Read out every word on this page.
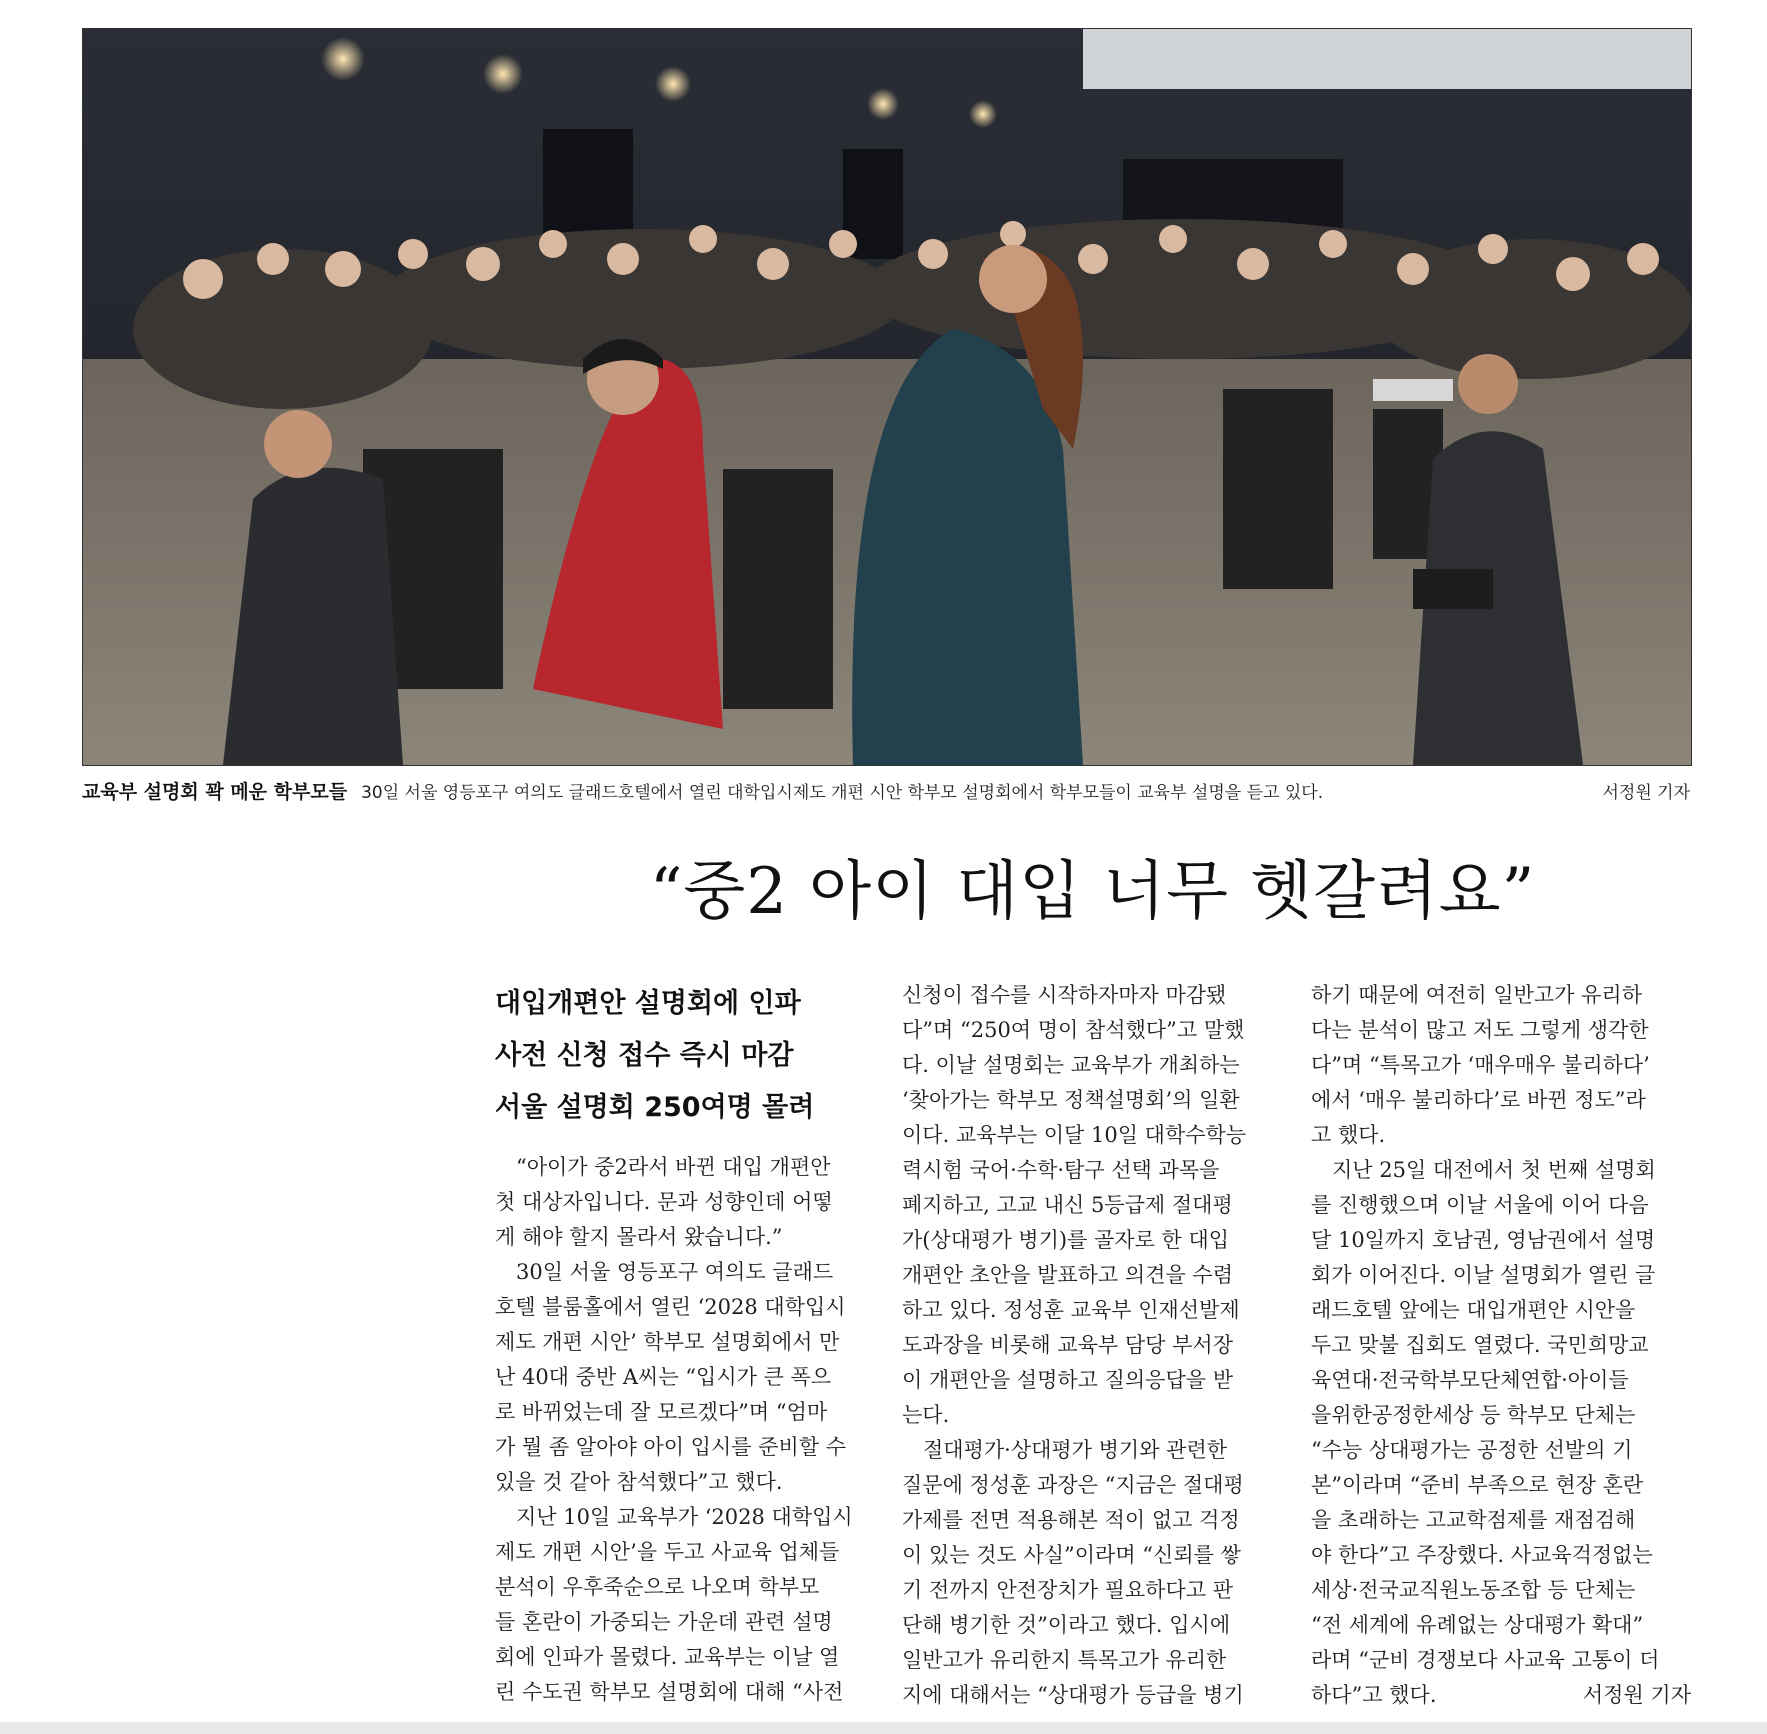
교육부 설명회 꽉 메운 학부모들 30일 서울 영등포구 여의도 글래드호텔에서 열린 대학입시제도 개편 시안 학부모 설명회에서 학부모들이 교육부 설명을 듣고 있다.	서정원 기자
“중2 아이 대입 너무 헷갈려요”
대입개편안 설명회에 인파
사전 신청 접수 즉시 마감
서울 설명회 250여명 몰려
“아이가 중2라서 바뀐 대입 개편안
첫 대상자입니다. 문과 성향인데 어떻
게 해야 할지 몰라서 왔습니다.”
30일 서울 영등포구 여의도 글래드
호텔 블룸홀에서 열린 ‘2028 대학입시
제도 개편 시안’ 학부모 설명회에서 만
난 40대 중반 A씨는 “입시가 큰 폭으
로 바뀌었는데 잘 모르겠다”며 “엄마
가 뭘 좀 알아야 아이 입시를 준비할 수
있을 것 같아 참석했다”고 했다.
지난 10일 교육부가 ‘2028 대학입시
제도 개편 시안’을 두고 사교육 업체들
분석이 우후죽순으로 나오며 학부모
들 혼란이 가중되는 가운데 관련 설명
회에 인파가 몰렸다. 교육부는 이날 열
린 수도권 학부모 설명회에 대해 “사전
신청이 접수를 시작하자마자 마감됐
다”며 “250여 명이 참석했다”고 말했
다. 이날 설명회는 교육부가 개최하는
‘찾아가는 학부모 정책설명회’의 일환
이다. 교육부는 이달 10일 대학수학능
력시험 국어·수학·탐구 선택 과목을
폐지하고, 고교 내신 5등급제 절대평
가(상대평가 병기)를 골자로 한 대입
개편안 초안을 발표하고 의견을 수렴
하고 있다. 정성훈 교육부 인재선발제
도과장을 비롯해 교육부 담당 부서장
이 개편안을 설명하고 질의응답을 받
는다.
절대평가·상대평가 병기와 관련한
질문에 정성훈 과장은 “지금은 절대평
가제를 전면 적용해본 적이 없고 걱정
이 있는 것도 사실”이라며 “신뢰를 쌓
기 전까지 안전장치가 필요하다고 판
단해 병기한 것”이라고 했다. 입시에
일반고가 유리한지 특목고가 유리한
지에 대해서는 “상대평가 등급을 병기
하기 때문에 여전히 일반고가 유리하
다는 분석이 많고 저도 그렇게 생각한
다”며 “특목고가 ‘매우매우 불리하다’
에서 ‘매우 불리하다’로 바뀐 정도”라
고 했다.
지난 25일 대전에서 첫 번째 설명회
를 진행했으며 이날 서울에 이어 다음
달 10일까지 호남권, 영남권에서 설명
회가 이어진다. 이날 설명회가 열린 글
래드호텔 앞에는 대입개편안 시안을
두고 맞불 집회도 열렸다. 국민희망교
육연대·전국학부모단체연합·아이들
을위한공정한세상 등 학부모 단체는
“수능 상대평가는 공정한 선발의 기
본”이라며 “준비 부족으로 현장 혼란
을 초래하는 고교학점제를 재점검해
야 한다”고 주장했다. 사교육걱정없는
세상·전국교직원노동조합 등 단체는
“전 세계에 유례없는 상대평가 확대”
라며 “군비 경쟁보다 사교육 고통이 더
하다”고 했다.	서정원 기자
